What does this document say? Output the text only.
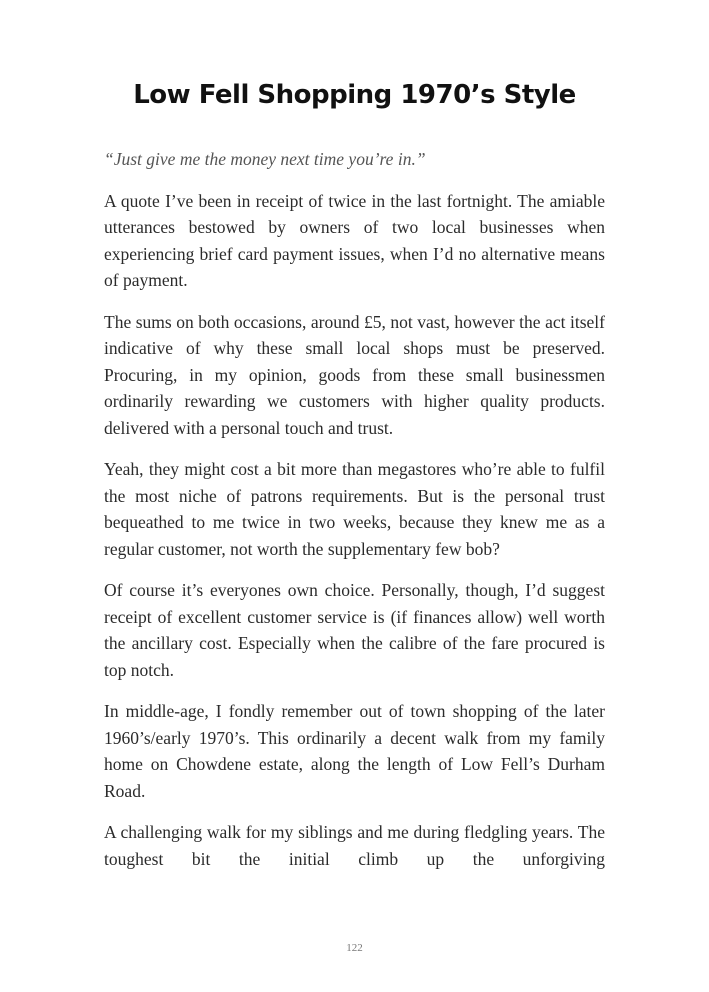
Low Fell Shopping 1970’s Style

“Just give me the money next time you’re in.”

A quote I’ve been in receipt of twice in the last fortnight. The amiable utterances bestowed by owners of two local businesses when experiencing brief card payment issues, when I’d no alternative means of payment.

The sums on both occasions, around £5, not vast, however the act itself indicative of why these small local shops must be preserved. Procuring, in my opinion, goods from these small businessmen ordinarily rewarding we customers with higher quality products. delivered with a personal touch and trust.

Yeah, they might cost a bit more than megastores who’re able to fulfil the most niche of patrons requirements. But is the personal trust bequeathed to me twice in two weeks, because they knew me as a regular customer, not worth the supplementary few bob?

Of course it’s everyones own choice. Personally, though, I’d suggest receipt of excellent customer service is (if finances allow) well worth the ancillary cost. Especially when the calibre of the fare procured is top notch.

In middle-age, I fondly remember out of town shopping of the later 1960’s/early 1970’s. This ordinarily a decent walk from my family home on Chowdene estate, along the length of Low Fell’s Durham Road.

A challenging walk for my siblings and me during fledgling years. The toughest bit the initial climb up the unforgiving

122
